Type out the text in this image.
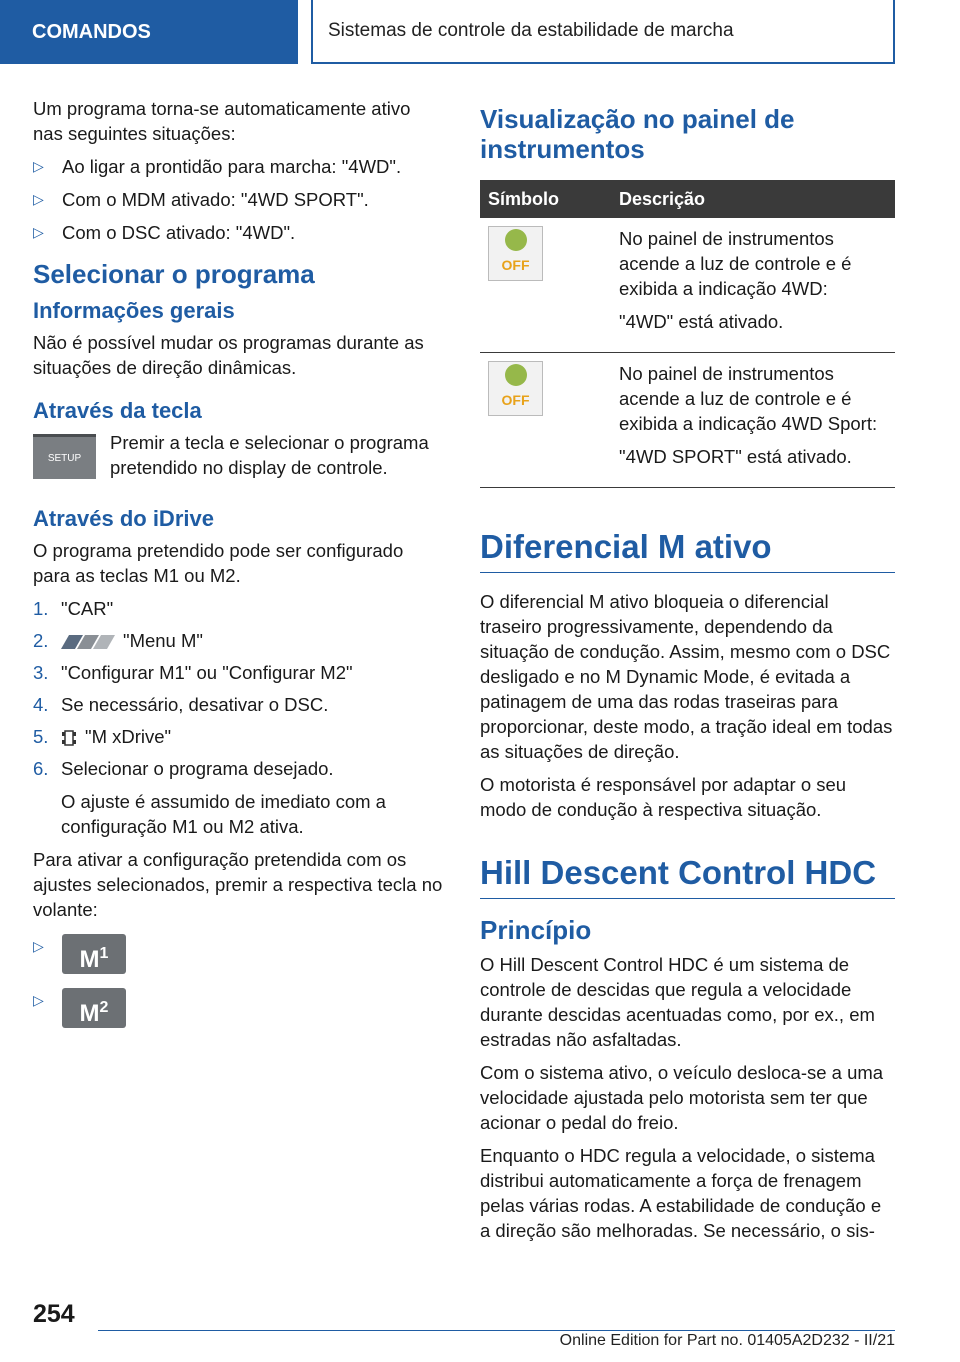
COMANDOS	Sistemas de controle da estabilidade de marcha

Um programa torna-se automaticamente ativo nas seguintes situações:

▷ Ao ligar a prontidão para marcha: "4WD".
▷ Com o MDM ativado: "4WD SPORT".
▷ Com o DSC ativado: "4WD".
Selecionar o programa
Informações gerais

Não é possível mudar os programas durante as situações de direção dinâmicas.

Através da tecla
SETUP

Premir a tecla e selecionar o programa pretendido no display de controle.

Através do iDrive

O programa pretendido pode ser configurado para as teclas M1 ou M2.

1. "CAR"
2.	"Menu M"
3. "Configurar M1" ou "Configurar M2"
4. Se necessário, desativar o DSC.
5. "M xDrive"
6. Selecionar o programa desejado.

O ajuste é assumido de imediato com a configuração M1 ou M2 ativa.

Para ativar a configuração pretendida com os ajustes selecionados, premir a respectiva tecla no volante:

▷ $M^1$
▷ $M^2$
Visualização no painel de instrumentos
Símbolo	Descrição

OFF	No painel de instrumentos acende a luz de controle e é exibida a indicação 4WD:

"4WD" está ativado.

OFF	No painel de instrumentos acende a luz de controle e é exibida a indicação 4WD Sport:

"4WD SPORT" está ativado.

Diferencial M ativo

O diferencial M ativo bloqueia o diferencial traseiro progressivamente, dependendo da situação de condução. Assim, mesmo com o DSC desligado e no M Dynamic Mode, é evitada a patinagem de uma das rodas traseiras para proporcionar, deste modo, a tração ideal em todas as situações de direção.

O motorista é responsável por adaptar o seu modo de condução à respectiva situação.

Hill Descent Control HDC
Princípio

O Hill Descent Control HDC é um sistema de controle de descidas que regula a velocidade durante descidas acentuadas como, por ex., em estradas não asfaltadas.

Com o sistema ativo, o veículo desloca-se a uma velocidade ajustada pelo motorista sem ter que acionar o pedal do freio.

Enquanto o HDC regula a velocidade, o sistema distribui automaticamente a força de frenagem pelas várias rodas. A estabilidade de condução e a direção são melhoradas. Se necessário, o sis-

254
Online Edition for Part no. 01405A2D232 - II/21
